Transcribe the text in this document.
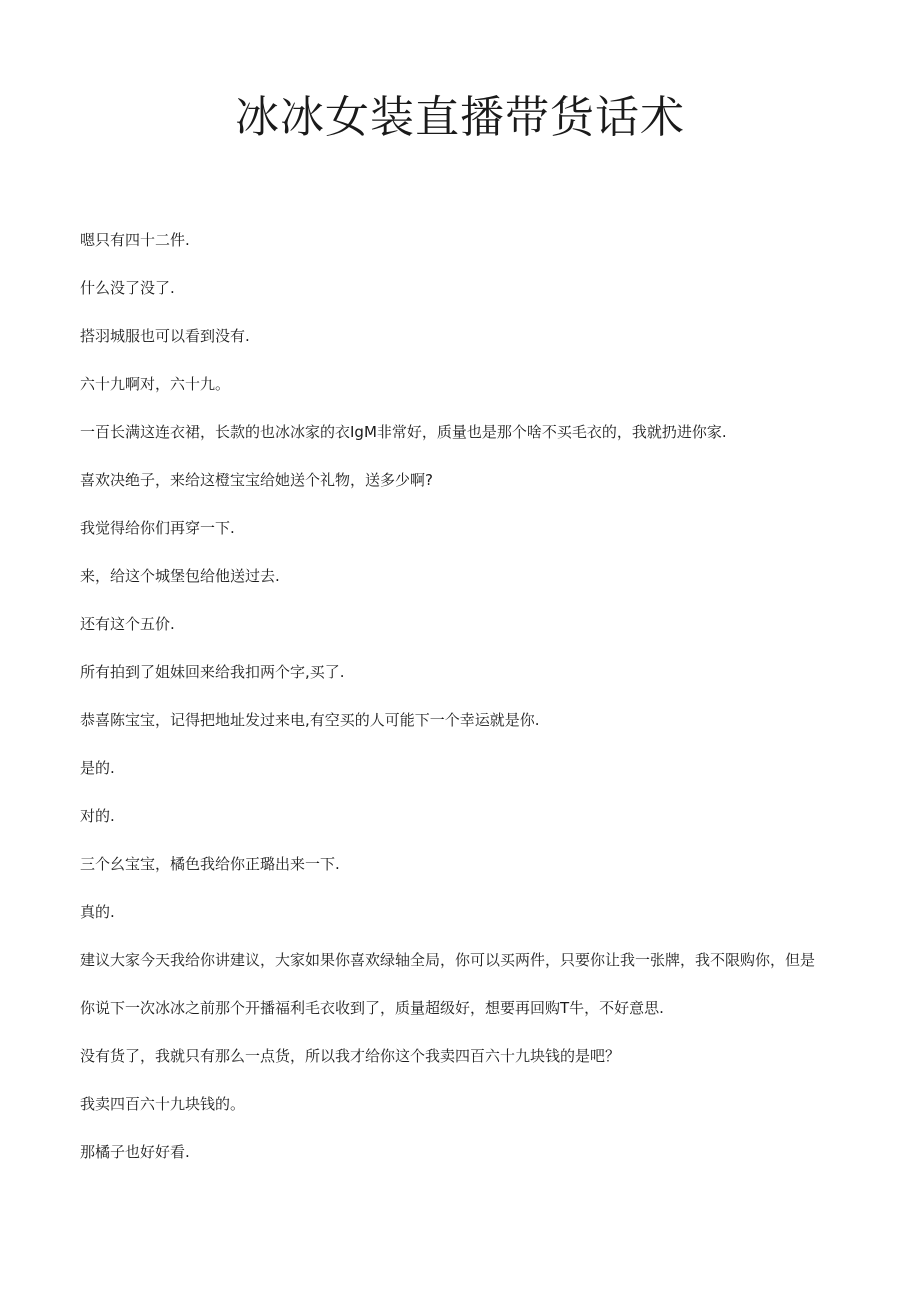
冰冰女装直播带货话术
嗯只有四十二件.
什么没了没了.
搭羽城服也可以看到没有.
六十九啊对，六十九。
一百长满这连衣裙，长款的也冰冰家的衣IgM非常好，质量也是那个啥不买毛衣的，我就扔进你家.
喜欢决绝子，来给这橙宝宝给她送个礼物，送多少啊?
我觉得给你们再穿一下.
来，给这个城堡包给他送过去.
还有这个五价.
所有拍到了姐妹回来给我扣两个字,买了.
恭喜陈宝宝，记得把地址发过来电,有空买的人可能下一个幸运就是你.
是的.
对的.
三个幺宝宝，橘色我给你正璐出来一下.
真的.
建议大家今天我给你讲建议，大家如果你喜欢绿轴全局，你可以买两件，只要你让我一张牌，我不限购你，但是
你说下一次冰冰之前那个开播福利毛衣收到了，质量超级好，想要再回购T牛，不好意思.
没有货了，我就只有那么一点货，所以我才给你这个我卖四百六十九块钱的是吧？
我卖四百六十九块钱的。
那橘子也好好看.
